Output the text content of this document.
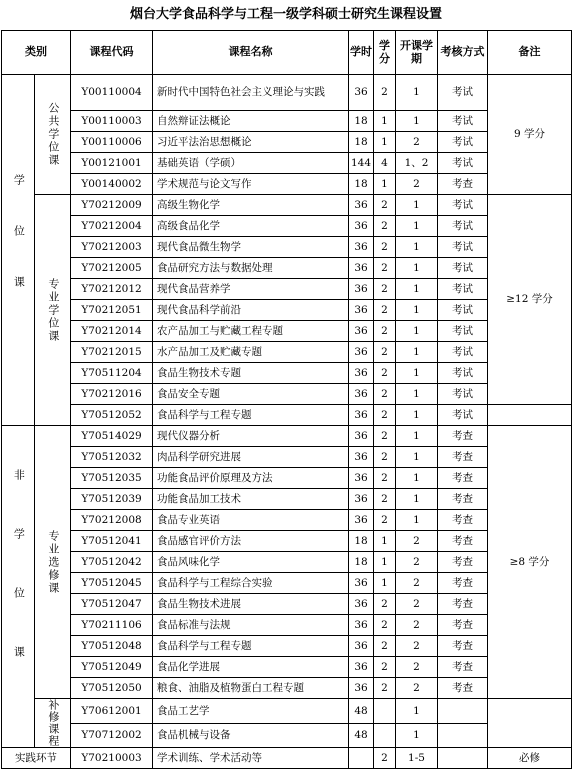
烟台大学食品科学与工程一级学科硕士研究生课程设置
类别		课程代码	课程名称	学时	学分	开课学期	考核方式	备注

学位课	公共学位课	Y00110004	新时代中国特色社会主义理论与实践	36	2	1	考试	9 学分
		Y00110003	自然辩证法概论	18	1	1	考试	
		Y00110006	习近平法治思想概论	18	1	2	考试	
		Y00121001	基础英语（学硕）	144	4	1、2	考试	
		Y00140002	学术规范与论文写作	18	1	2	考查	

	专业学位课	Y70212009	高级生物化学	36	2	1	考试	≥12 学分
		Y70212004	高级食品化学	36	2	1	考试	
		Y70212003	现代食品微生物学	36	2	1	考试	
		Y70212005	食品研究方法与数据处理	36	2	1	考试	
		Y70212012	现代食品营养学	36	2	1	考试	
		Y70212051	现代食品科学前沿	36	2	1	考试	
		Y70212014	农产品加工与贮藏工程专题	36	2	1	考试	
		Y70212015	水产品加工及贮藏专题	36	2	1	考试	
		Y70511204	食品生物技术专题	36	2	1	考试	
		Y70212016	食品安全专题	36	2	1	考试	
		Y70512052	食品科学与工程专题	36	2	1	考试	

非学位课	专业选修课	Y70514029	现代仪器分析	36	2	1	考查	≥8 学分
		Y70512032	肉品科学研究进展	36	2	1	考查	
		Y70512035	功能食品评价原理及方法	36	2	1	考查	
		Y70512039	功能食品加工技术	36	2	1	考查	
		Y70212008	食品专业英语	36	2	1	考查	
		Y70512041	食品感官评价方法	18	1	2	考查	
		Y70512042	食品风味化学	18	1	2	考查	
		Y70512045	食品科学与工程综合实验	36	1	2	考查	
		Y70512047	食品生物技术进展	36	2	2	考查	
		Y70211106	食品标准与法规	36	2	2	考查	
		Y70512048	食品科学与工程专题	36	2	2	考查	
		Y70512049	食品化学进展	36	2	2	考查	
		Y70512050	粮食、油脂及植物蛋白工程专题	36	2	2	考查	

	补修课程	Y70612001	食品工艺学	48		1		
		Y70712002	食品机械与设备	48		1		
实践环节		Y70210003	学术训练、学术活动等		2	1-5		必修
